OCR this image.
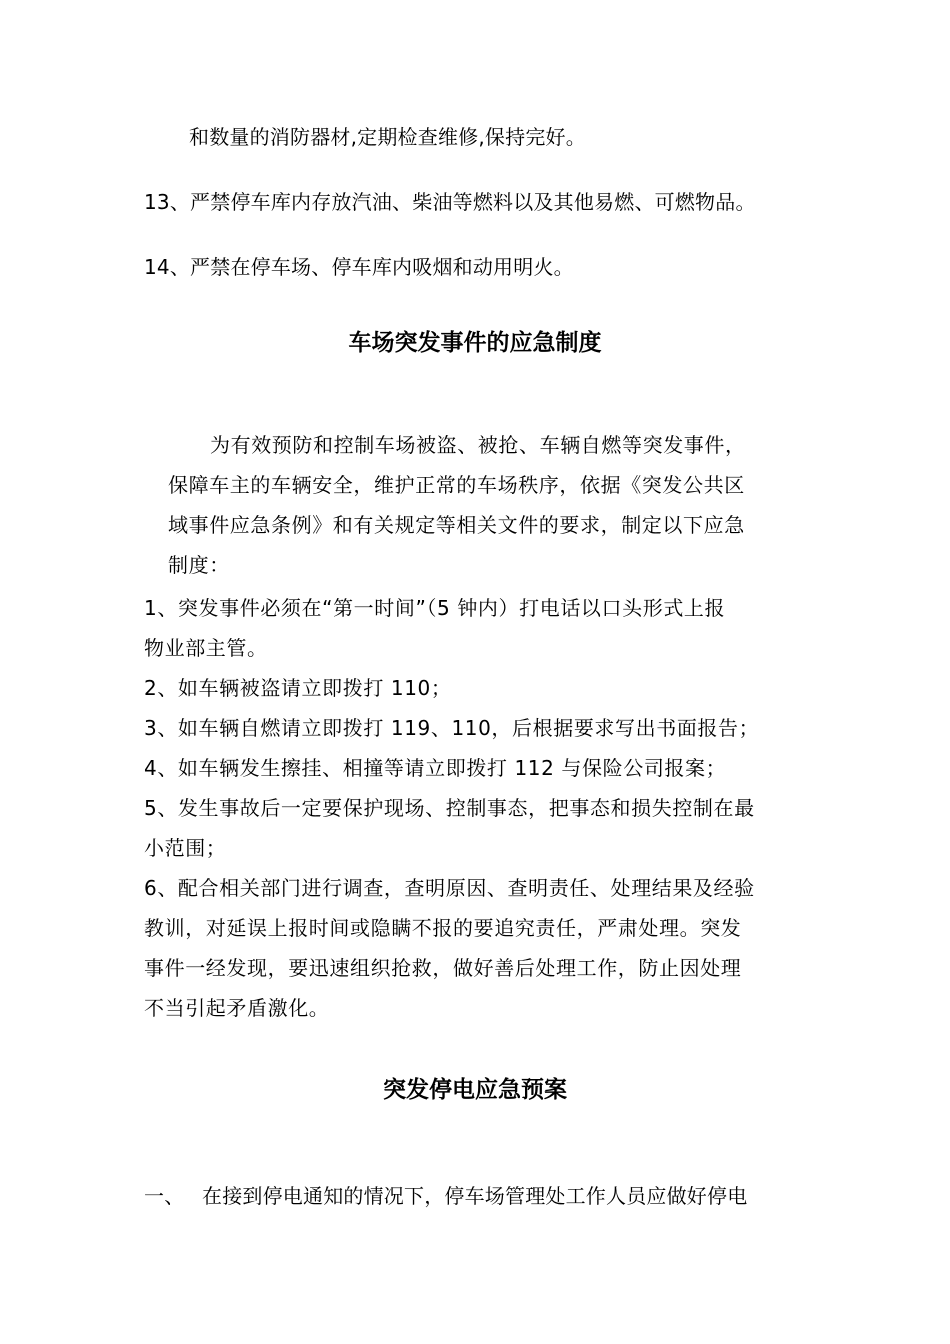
和数量的消防器材,定期检查维修,保持完好。
13、严禁停车库内存放汽油、柴油等燃料以及其他易燃、可燃物品。
14、严禁在停车场、停车库内吸烟和动用明火。
车场突发事件的应急制度
为有效预防和控制车场被盗、被抢、车辆自燃等突发事件，
保障车主的车辆安全，维护正常的车场秩序，依据《突发公共区
域事件应急条例》和有关规定等相关文件的要求，制定以下应急
制度：
1、突发事件必须在“第一时间”（5 钟内）打电话以口头形式上报
物业部主管。
2、如车辆被盗请立即拨打 110；
3、如车辆自燃请立即拨打 119、110，后根据要求写出书面报告；
4、如车辆发生擦挂、相撞等请立即拨打 112 与保险公司报案；
5、发生事故后一定要保护现场、控制事态，把事态和损失控制在最
小范围；
6、配合相关部门进行调查，查明原因、查明责任、处理结果及经验
教训，对延误上报时间或隐瞒不报的要追究责任，严肃处理。突发
事件一经发现，要迅速组织抢救，做好善后处理工作，防止因处理
不当引起矛盾激化。
突发停电应急预案
一、 在接到停电通知的情况下，停车场管理处工作人员应做好停电
